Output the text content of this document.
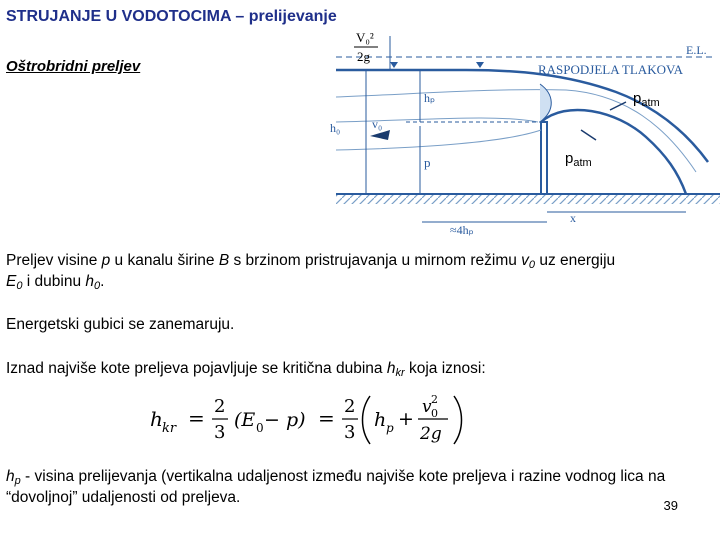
STRUJANJE U VODOTOCIMA – prelijevanje
Oštrobridni preljev
V₀²
2g	E.L.
RASPODJELA TLAKOVA
hₚ
h₀	v₀
p
x
≈4hₚ
$p_{atm}$
$p_{atm}$
Preljev visine p u kanalu širine B s brzinom pristrujavanja u mirnom režimu $v_0$ uz energiju
$E_0$ i dubinu $h_0$.
Energetski gubici se zanemaruju.
Iznad najviše kote preljeva pojavljuje se kritična dubina $h_{kr}$ koja iznosi:
h kr = 2
3
(E 0 − p) = 2
3
h p +
v 0
2
2g
$h_p$ - visina prelijevanja (vertikalna udaljenost između najviše kote preljeva i razine vodnog lica na “dovoljnoj” udaljenosti od preljeva.	39
